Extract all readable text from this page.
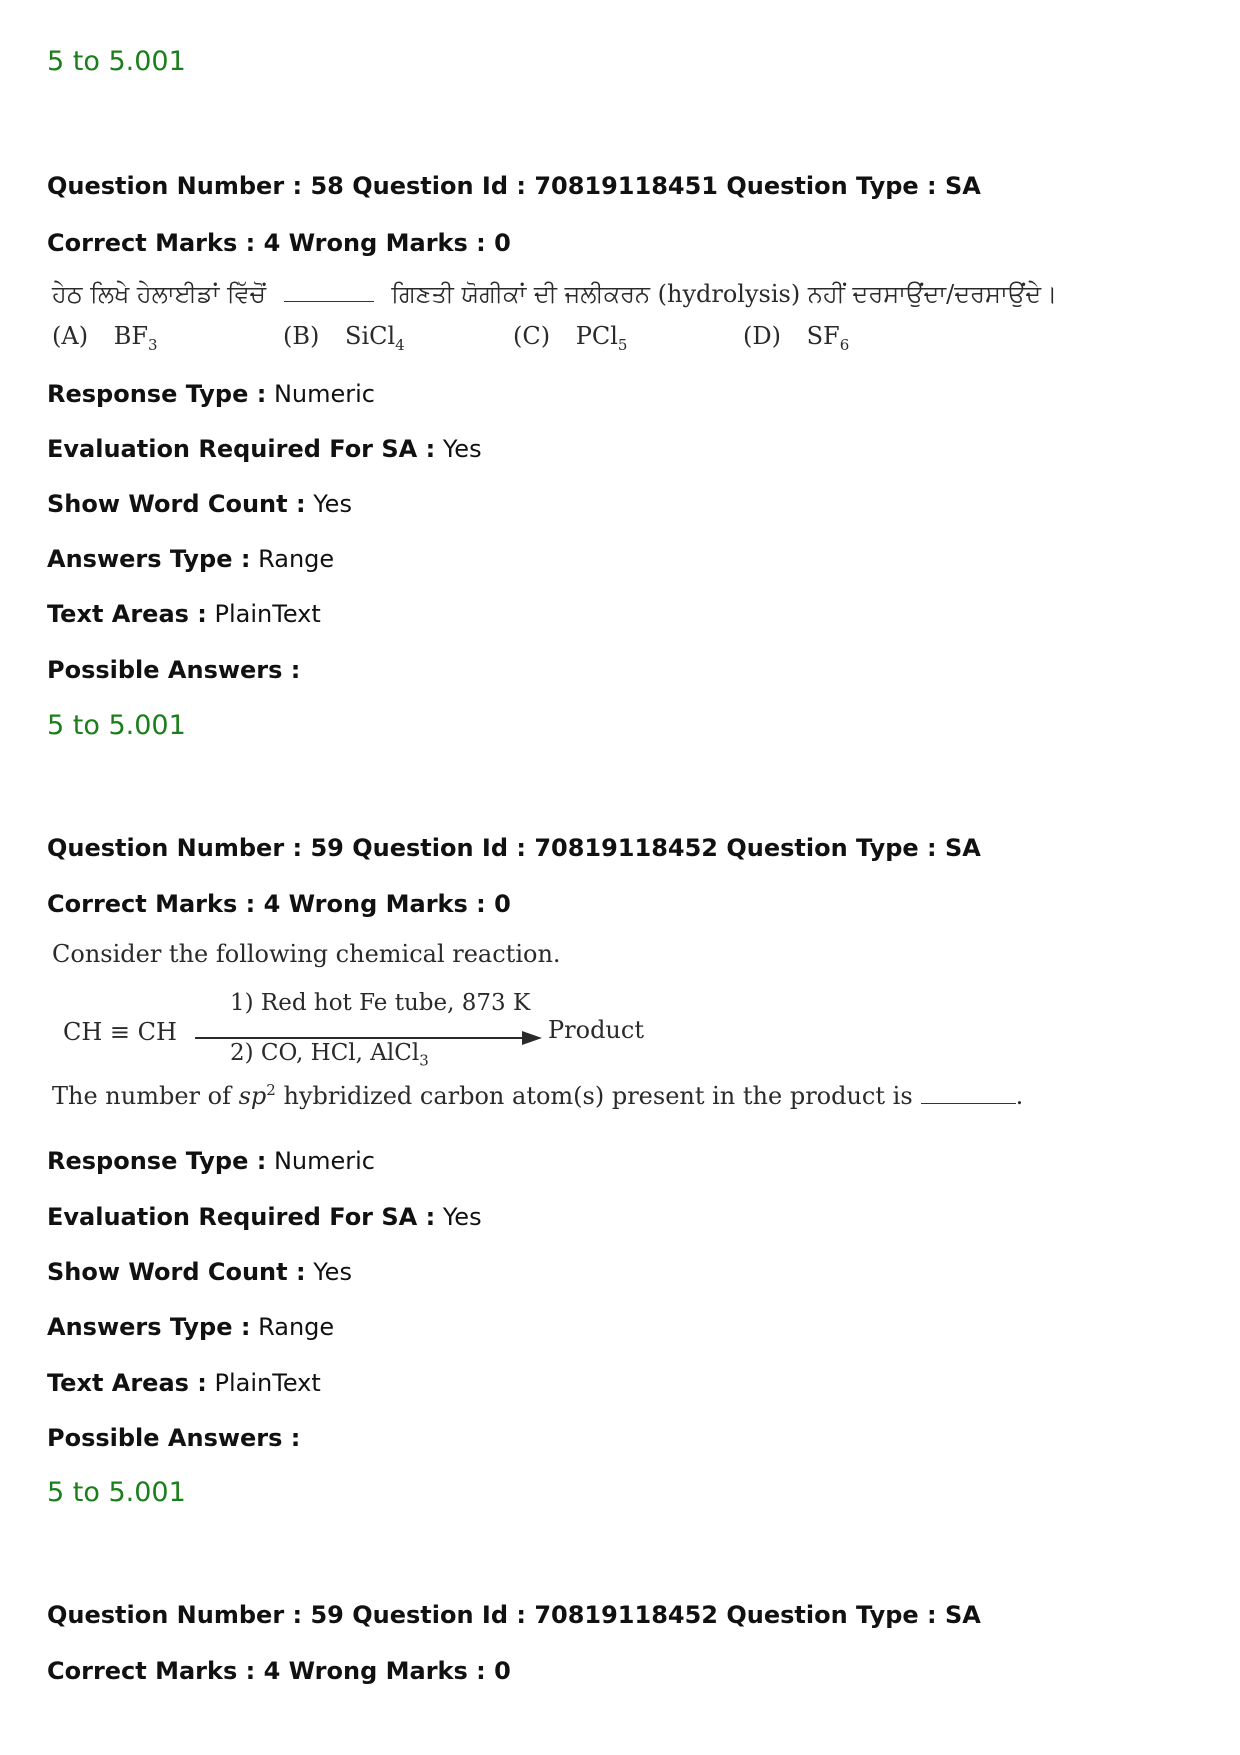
5 to 5.001
Question Number : 58 Question Id : 70819118451 Question Type : SA
Correct Marks : 4 Wrong Marks : 0
ਹੇਠ ਲਿਖੇ ਹੇਲਾਈਡਾਂ ਵਿੱਚੋਂ	ਗਿਣਤੀ ਯੋਗੀਕਾਂ ਦੀ ਜਲੀਕਰਨ (hydrolysis) ਨਹੀਂ ਦਰਸਾਉਂਦਾ/ਦਰਸਾਉਂਦੇ।
(A) $BF_3$	(B) SiCl$_4$	(C) PCl$_5$	(D) $SF_6$
Response Type : Numeric
Evaluation Required For SA : Yes
Show Word Count : Yes
Answers Type : Range
Text Areas : PlainText
Possible Answers :
5 to 5.001
Question Number : 59 Question Id : 70819118452 Question Type : SA
Correct Marks : 4 Wrong Marks : 0
Consider the following chemical reaction.
CH ≡ CH
1) Red hot Fe tube, 873 K
2) CO, HCl, AlCl$_3$
Product
The number of $sp^2$ hybridized carbon atom(s) present in the product is	.
Response Type : Numeric
Evaluation Required For SA : Yes
Show Word Count : Yes
Answers Type : Range
Text Areas : PlainText
Possible Answers :
5 to 5.001
Question Number : 59 Question Id : 70819118452 Question Type : SA
Correct Marks : 4 Wrong Marks : 0
